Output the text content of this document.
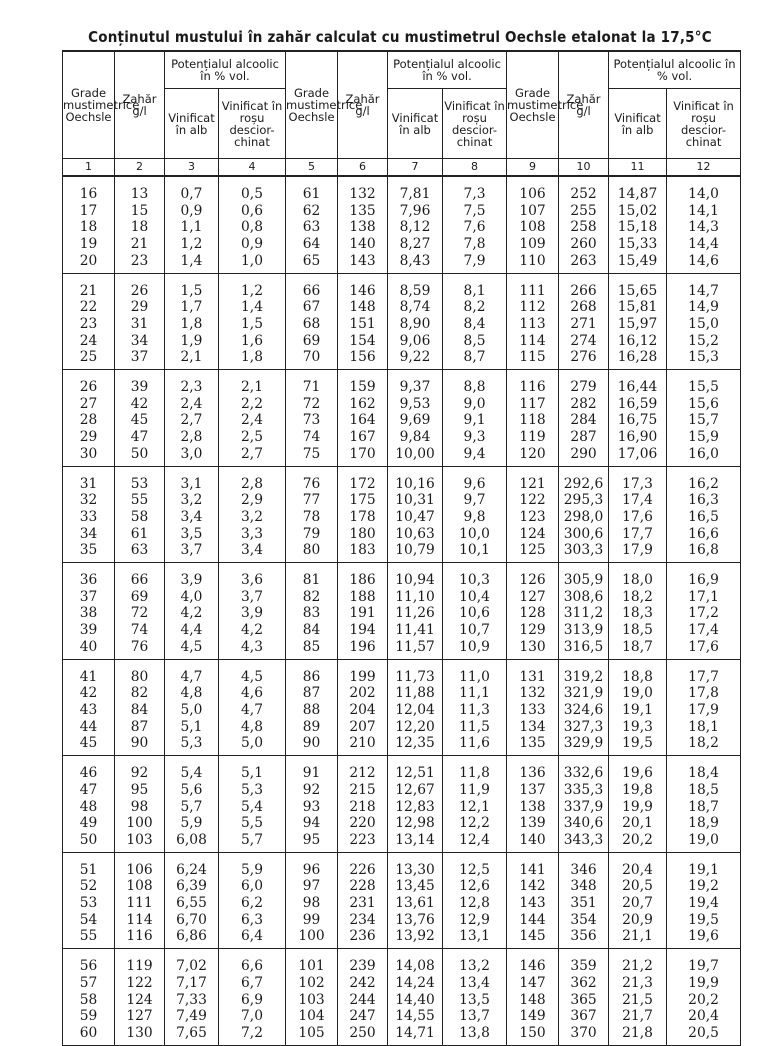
Conținutul mustului în zahăr calculat cu mustimetrul Oechsle etalonat la 17,5°C
Grade mustimetrice Oechsle	Zahăr g/l	Potențialul alcoolic în % vol.		Grade mustimetrice Oechsle	Zahăr g/l	Potențialul alcoolic în % vol.		Grade mustimetrice Oechsle	Zahăr g/l	Potențialul alcoolic în % vol.	
		Vinificat în alb	Vinificat în roșu descior-chinat			Vinificat în alb	Vinificat în roșu descior-chinat			Vinificat în alb	Vinificat în roșu descior-chinat
1	2	3	4	5	6	7	8	9	10	11	12
16	13	0,7	0,5	61	132	7,81	7,3	106	252	14,87	14,0
17	15	0,9	0,6	62	135	7,96	7,5	107	255	15,02	14,1
18	18	1,1	0,8	63	138	8,12	7,6	108	258	15,18	14,3
19	21	1,2	0,9	64	140	8,27	7,8	109	260	15,33	14,4
20	23	1,4	1,0	65	143	8,43	7,9	110	263	15,49	14,6
21	26	1,5	1,2	66	146	8,59	8,1	111	266	15,65	14,7
22	29	1,7	1,4	67	148	8,74	8,2	112	268	15,81	14,9
23	31	1,8	1,5	68	151	8,90	8,4	113	271	15,97	15,0
24	34	1,9	1,6	69	154	9,06	8,5	114	274	16,12	15,2
25	37	2,1	1,8	70	156	9,22	8,7	115	276	16,28	15,3
26	39	2,3	2,1	71	159	9,37	8,8	116	279	16,44	15,5
27	42	2,4	2,2	72	162	9,53	9,0	117	282	16,59	15,6
28	45	2,7	2,4	73	164	9,69	9,1	118	284	16,75	15,7
29	47	2,8	2,5	74	167	9,84	9,3	119	287	16,90	15,9
30	50	3,0	2,7	75	170	10,00	9,4	120	290	17,06	16,0
31	53	3,1	2,8	76	172	10,16	9,6	121	292,6	17,3	16,2
32	55	3,2	2,9	77	175	10,31	9,7	122	295,3	17,4	16,3
33	58	3,4	3,2	78	178	10,47	9,8	123	298,0	17,6	16,5
34	61	3,5	3,3	79	180	10,63	10,0	124	300,6	17,7	16,6
35	63	3,7	3,4	80	183	10,79	10,1	125	303,3	17,9	16,8
36	66	3,9	3,6	81	186	10,94	10,3	126	305,9	18,0	16,9
37	69	4,0	3,7	82	188	11,10	10,4	127	308,6	18,2	17,1
38	72	4,2	3,9	83	191	11,26	10,6	128	311,2	18,3	17,2
39	74	4,4	4,2	84	194	11,41	10,7	129	313,9	18,5	17,4
40	76	4,5	4,3	85	196	11,57	10,9	130	316,5	18,7	17,6
41	80	4,7	4,5	86	199	11,73	11,0	131	319,2	18,8	17,7
42	82	4,8	4,6	87	202	11,88	11,1	132	321,9	19,0	17,8
43	84	5,0	4,7	88	204	12,04	11,3	133	324,6	19,1	17,9
44	87	5,1	4,8	89	207	12,20	11,5	134	327,3	19,3	18,1
45	90	5,3	5,0	90	210	12,35	11,6	135	329,9	19,5	18,2
46	92	5,4	5,1	91	212	12,51	11,8	136	332,6	19,6	18,4
47	95	5,6	5,3	92	215	12,67	11,9	137	335,3	19,8	18,5
48	98	5,7	5,4	93	218	12,83	12,1	138	337,9	19,9	18,7
49	100	5,9	5,5	94	220	12,98	12,2	139	340,6	20,1	18,9
50	103	6,08	5,7	95	223	13,14	12,4	140	343,3	20,2	19,0
51	106	6,24	5,9	96	226	13,30	12,5	141	346	20,4	19,1
52	108	6,39	6,0	97	228	13,45	12,6	142	348	20,5	19,2
53	111	6,55	6,2	98	231	13,61	12,8	143	351	20,7	19,4
54	114	6,70	6,3	99	234	13,76	12,9	144	354	20,9	19,5
55	116	6,86	6,4	100	236	13,92	13,1	145	356	21,1	19,6
56	119	7,02	6,6	101	239	14,08	13,2	146	359	21,2	19,7
57	122	7,17	6,7	102	242	14,24	13,4	147	362	21,3	19,9
58	124	7,33	6,9	103	244	14,40	13,5	148	365	21,5	20,2
59	127	7,49	7,0	104	247	14,55	13,7	149	367	21,7	20,4
60	130	7,65	7,2	105	250	14,71	13,8	150	370	21,8	20,5
